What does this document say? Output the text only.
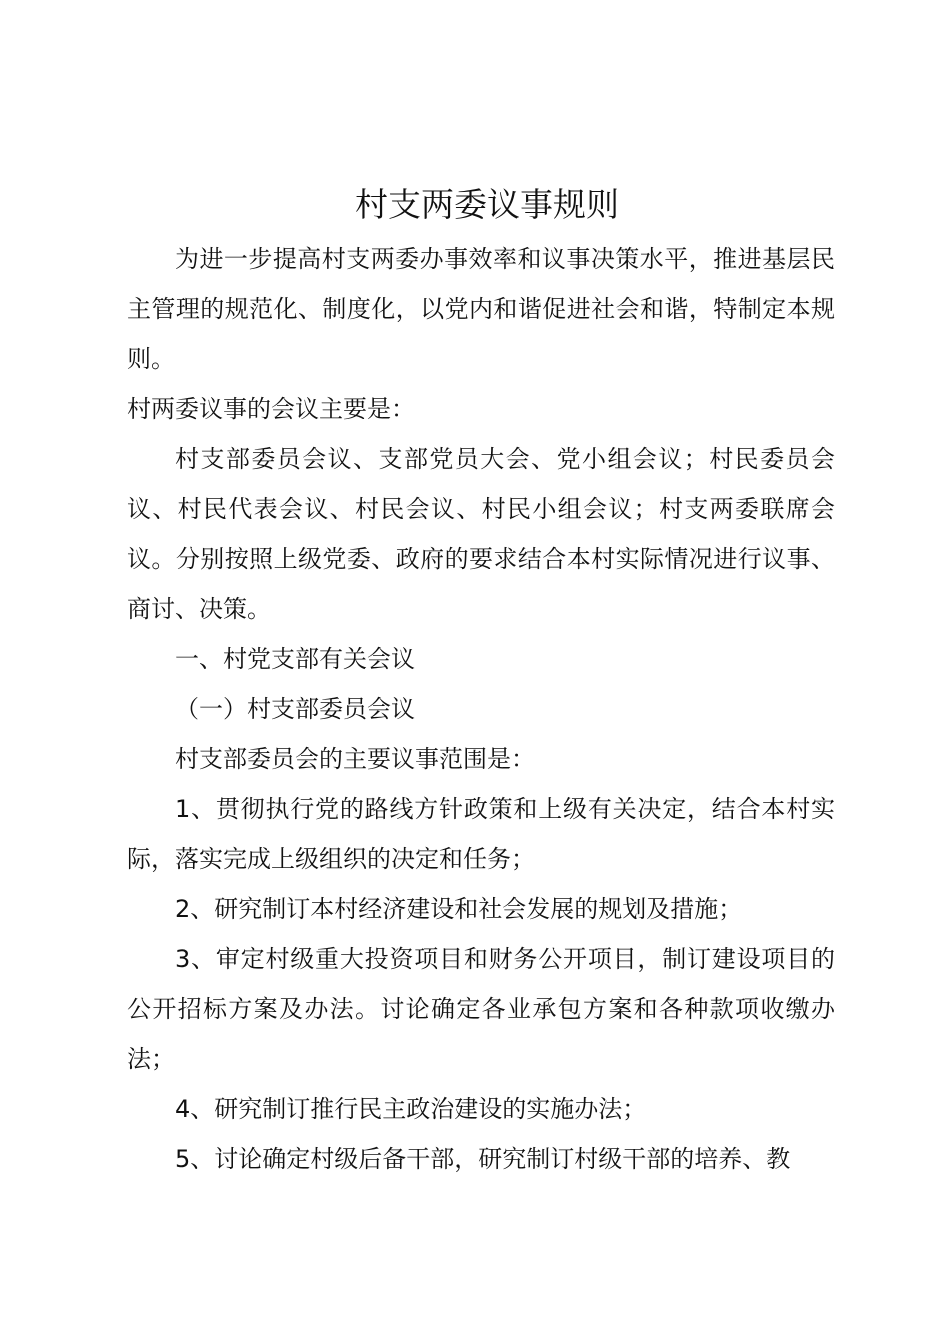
村支两委议事规则

为进一步提高村支两委办事效率和议事决策水平，推进基层民主管理的规范化、制度化，以党内和谐促进社会和谐，特制定本规则。

村两委议事的会议主要是：

村支部委员会议、支部党员大会、党小组会议；村民委员会议、村民代表会议、村民会议、村民小组会议；村支两委联席会议。分别按照上级党委、政府的要求结合本村实际情况进行议事、商讨、决策。

一、村党支部有关会议

（一）村支部委员会议

村支部委员会的主要议事范围是：

1、贯彻执行党的路线方针政策和上级有关决定，结合本村实际，落实完成上级组织的决定和任务；

2、研究制订本村经济建设和社会发展的规划及措施；

3、审定村级重大投资项目和财务公开项目，制订建设项目的公开招标方案及办法。讨论确定各业承包方案和各种款项收缴办法；

4、研究制订推行民主政治建设的实施办法；

5、讨论确定村级后备干部，研究制订村级干部的培养、教
